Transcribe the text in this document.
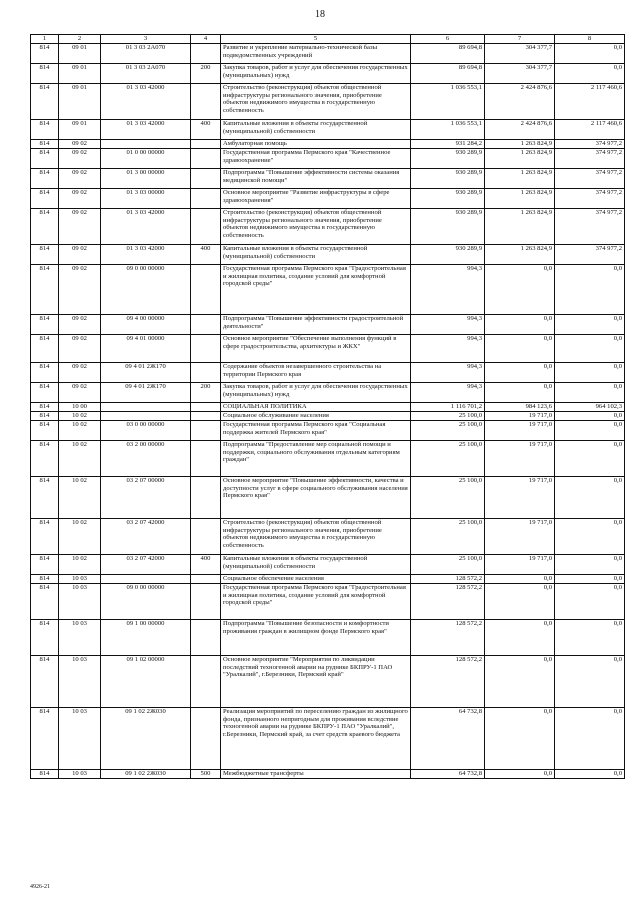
18
1	2	3	4	5	6	7	8
814	09 01	01 3 03 2А070		Развитие и укрепление материально-технической базы подведомственных учреждений	89 694,8	304 377,7	0,0
814	09 01	01 3 03 2А070	200	Закупка товаров, работ и услуг для обеспечения государственных (муниципальных) нужд	89 694,8	304 377,7	0,0
814	09 01	01 3 03 42000		Строительство (реконструкция) объектов общественной инфраструктуры регионального значения, приобретение объектов недвижимого имущества в государственную собственность	1 036 553,1	2 424 876,6	2 117 460,6
814	09 01	01 3 03 42000	400	Капитальные вложения в объекты государственной (муниципальной) собственности	1 036 553,1	2 424 876,6	2 117 460,6
814	09 02			Амбулаторная помощь	931 284,2	1 263 824,9	374 977,2
814	09 02	01 0 00 00000		Государственная программа Пермского края "Качественное здравоохранение"	930 289,9	1 263 824,9	374 977,2
814	09 02	01 3 00 00000		Подпрограмма "Повышение эффективности системы оказания медицинской помощи"	930 289,9	1 263 824,9	374 977,2
814	09 02	01 3 03 00000		Основное мероприятие "Развитие инфраструктуры в сфере здравоохранения"	930 289,9	1 263 824,9	374 977,2
814	09 02	01 3 03 42000		Строительство (реконструкция) объектов общественной инфраструктуры регионального значения, приобретение объектов недвижимого имущества в государственную собственность	930 289,9	1 263 824,9	374 977,2
814	09 02	01 3 03 42000	400	Капитальные вложения в объекты государственной (муниципальной) собственности	930 289,9	1 263 824,9	374 977,2
814	09 02	09 0 00 00000		Государственная программа Пермского края "Градостроительная и жилищная политика, создание условий для комфортной городской среды"	994,3	0,0	0,0
814	09 02	09 4 00 00000		Подпрограмма "Повышение эффективности градостроительной деятельности"	994,3	0,0	0,0
814	09 02	09 4 01 00000		Основное мероприятие "Обеспечение выполнения функций в сфере градостроительства, архитектуры и ЖКХ"	994,3	0,0	0,0
814	09 02	09 4 01 2Ж170		Содержание объектов незавершенного строительства на территории Пермского края	994,3	0,0	0,0
814	09 02	09 4 01 2Ж170	200	Закупка товаров, работ и услуг для обеспечения государственных (муниципальных) нужд	994,3	0,0	0,0
814	10 00			СОЦИАЛЬНАЯ ПОЛИТИКА	1 116 701,2	984 123,6	964 102,3
814	10 02			Социальное обслуживание населения	25 100,0	19 717,0	0,0
814	10 02	03 0 00 00000		Государственная программа Пермского края "Социальная поддержка жителей Пермского края"	25 100,0	19 717,0	0,0
814	10 02	03 2 00 00000		Подпрограмма "Предоставление мер социальной помощи и поддержки, социального обслуживания отдельным категориям граждан"	25 100,0	19 717,0	0,0
814	10 02	03 2 07 00000		Основное мероприятие "Повышение эффективности, качества и доступности услуг в сфере социального обслуживания населения Пермского края"	25 100,0	19 717,0	0,0
814	10 02	03 2 07 42000		Строительство (реконструкция) объектов общественной инфраструктуры регионального значения, приобретение объектов недвижимого имущества в государственную собственность	25 100,0	19 717,0	0,0
814	10 02	03 2 07 42000	400	Капитальные вложения в объекты государственной (муниципальной) собственности	25 100,0	19 717,0	0,0
814	10 03			Социальное обеспечение населения	128 572,2	0,0	0,0
814	10 03	09 0 00 00000		Государственная программа Пермского края "Градостроительная и жилищная политика, создание условий для комфортной городской среды"	128 572,2	0,0	0,0
814	10 03	09 1 00 00000		Подпрограмма "Повышение безопасности и комфортности проживания граждан в жилищном фонде Пермского края"	128 572,2	0,0	0,0
814	10 03	09 1 02 00000		Основное мероприятие "Мероприятия по ликвидации последствий техногенной аварии на руднике БКПРУ-1 ПАО "Уралкалий", г.Березники, Пермский край"	128 572,2	0,0	0,0
814	10 03	09 1 02 2Ж030		Реализация мероприятий по переселению граждан из жилищного фонда, признанного непригодным для проживания вследствие техногенной аварии на руднике БКПРУ-1 ПАО "Уралкалий", г.Березники, Пермский край, за счет средств краевого бюджета	64 732,8	0,0	0,0
814	10 03	09 1 02 2Ж030	500	Межбюджетные трансферты	64 732,8	0,0	0,0
4926-21
